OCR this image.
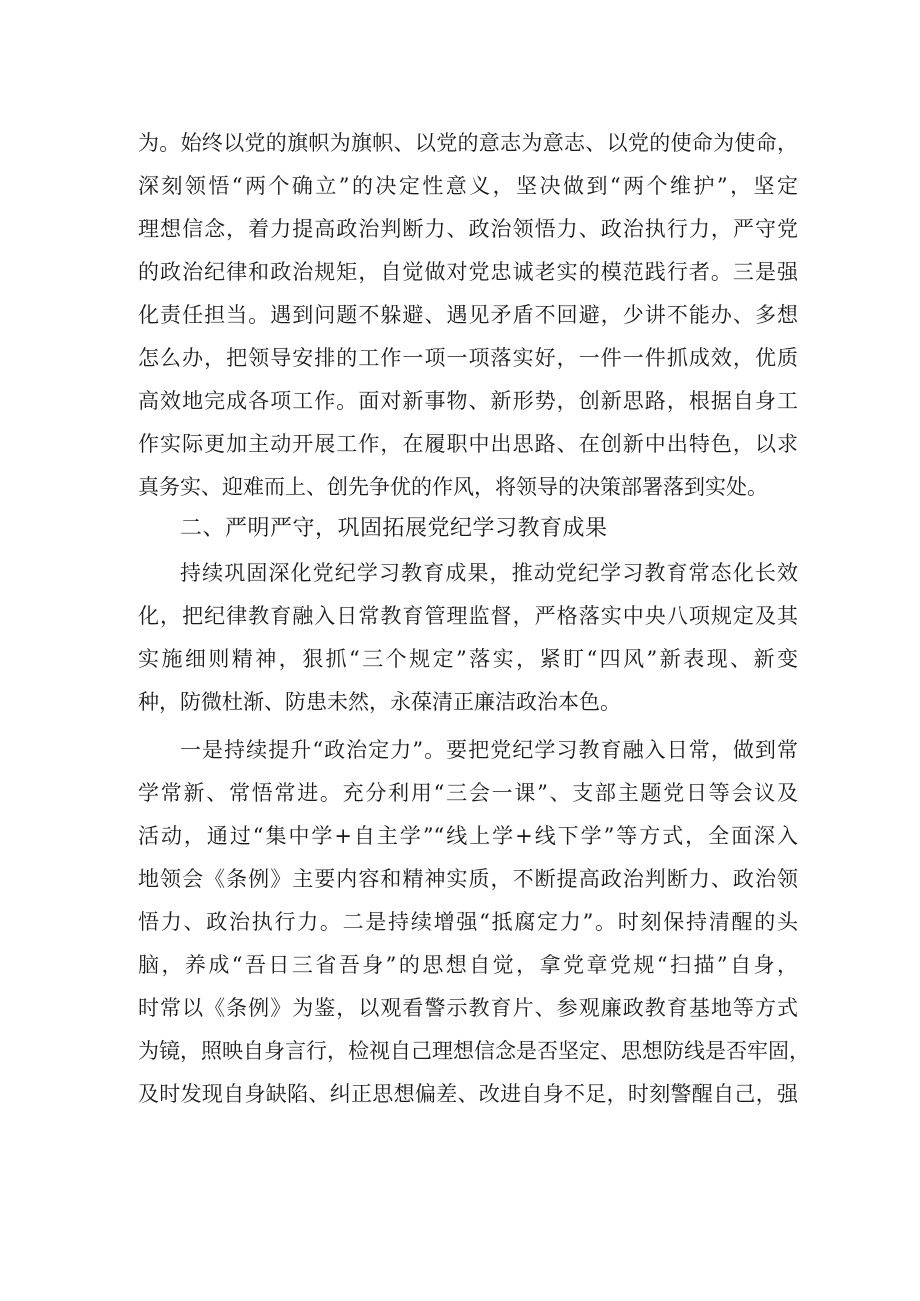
为。始终以党的旗帜为旗帜、以党的意志为意志、以党的使命为使命，
深刻领悟“两个确立”的决定性意义，坚决做到“两个维护”，坚定
理想信念，着力提高政治判断力、政治领悟力、政治执行力，严守党
的政治纪律和政治规矩，自觉做对党忠诚老实的模范践行者。三是强
化责任担当。遇到问题不躲避、遇见矛盾不回避，少讲不能办、多想
怎么办，把领导安排的工作一项一项落实好，一件一件抓成效，优质
高效地完成各项工作。面对新事物、新形势，创新思路，根据自身工
作实际更加主动开展工作，在履职中出思路、在创新中出特色，以求
真务实、迎难而上、创先争优的作风，将领导的决策部署落到实处。
二、严明严守，巩固拓展党纪学习教育成果
持续巩固深化党纪学习教育成果，推动党纪学习教育常态化长效
化，把纪律教育融入日常教育管理监督，严格落实中央八项规定及其
实施细则精神，狠抓“三个规定”落实，紧盯“四风”新表现、新变
种，防微杜渐、防患未然，永葆清正廉洁政治本色。
一是持续提升“政治定力”。要把党纪学习教育融入日常，做到常
学常新、常悟常进。充分利用“三会一课”、支部主题党日等会议及
活动，通过“集中学+自主学”“线上学+线下学”等方式，全面深入
地领会《条例》主要内容和精神实质，不断提高政治判断力、政治领
悟力、政治执行力。二是持续增强“抵腐定力”。时刻保持清醒的头
脑，养成“吾日三省吾身”的思想自觉，拿党章党规“扫描”自身，
时常以《条例》为鉴，以观看警示教育片、参观廉政教育基地等方式
为镜，照映自身言行，检视自己理想信念是否坚定、思想防线是否牢固，
及时发现自身缺陷、纠正思想偏差、改进自身不足，时刻警醒自己，强
